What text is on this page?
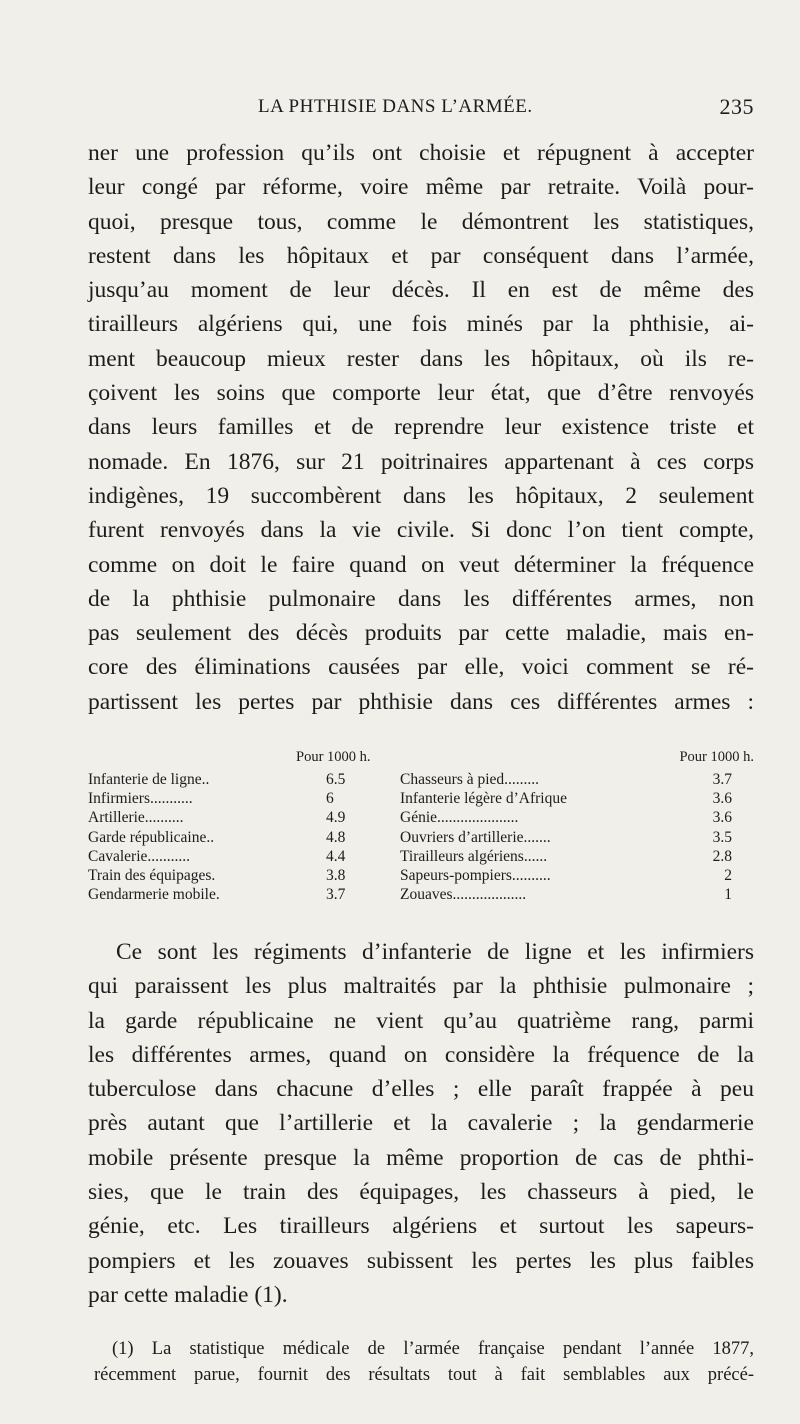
LA PHTHISIE DANS L’ARMÉE.	235
ner une profession qu’ils ont choisie et répugnent à accepter
leur congé par réforme, voire même par retraite. Voilà pour-
quoi, presque tous, comme le démontrent les statistiques,
restent dans les hôpitaux et par conséquent dans l’armée,
jusqu’au moment de leur décès. Il en est de même des
tirailleurs algériens qui, une fois minés par la phthisie, ai-
ment beaucoup mieux rester dans les hôpitaux, où ils re-
çoivent les soins que comporte leur état, que d’être renvoyés
dans leurs familles et de reprendre leur existence triste et
nomade. En 1876, sur 21 poitrinaires appartenant à ces corps
indigènes, 19 succombèrent dans les hôpitaux, 2 seulement
furent renvoyés dans la vie civile. Si donc l’on tient compte,
comme on doit le faire quand on veut déterminer la fréquence
de la phthisie pulmonaire dans les différentes armes, non
pas seulement des décès produits par cette maladie, mais en-
core des éliminations causées par elle, voici comment se ré-
partissent les pertes par phthisie dans ces différentes armes :
Pour 1000 h.	Pour 1000 h.
Infanterie de ligne..	6.5
Infirmiers...........	6
Artillerie..........	4.9
Garde républicaine..	4.8
Cavalerie...........	4.4
Train des équipages.	3.8
Gendarmerie mobile.	3.7
Chasseurs à pied.........	3.7
Infanterie légère d’Afrique	3.6
Génie.....................	3.6
Ouvriers d’artillerie.......	3.5
Tirailleurs algériens......	2.8
Sapeurs-pompiers..........	2
Zouaves...................	1
Ce sont les régiments d’infanterie de ligne et les infirmiers
qui paraissent les plus maltraités par la phthisie pulmonaire ;
la garde républicaine ne vient qu’au quatrième rang, parmi
les différentes armes, quand on considère la fréquence de la
tuberculose dans chacune d’elles ; elle paraît frappée à peu
près autant que l’artillerie et la cavalerie ; la gendarmerie
mobile présente presque la même proportion de cas de phthi-
sies, que le train des équipages, les chasseurs à pied, le
génie, etc. Les tirailleurs algériens et surtout les sapeurs-
pompiers et les zouaves subissent les pertes les plus faibles
par cette maladie (1).
(1) La statistique médicale de l’armée française pendant l’année 1877,
récemment parue, fournit des résultats tout à fait semblables aux précé-
